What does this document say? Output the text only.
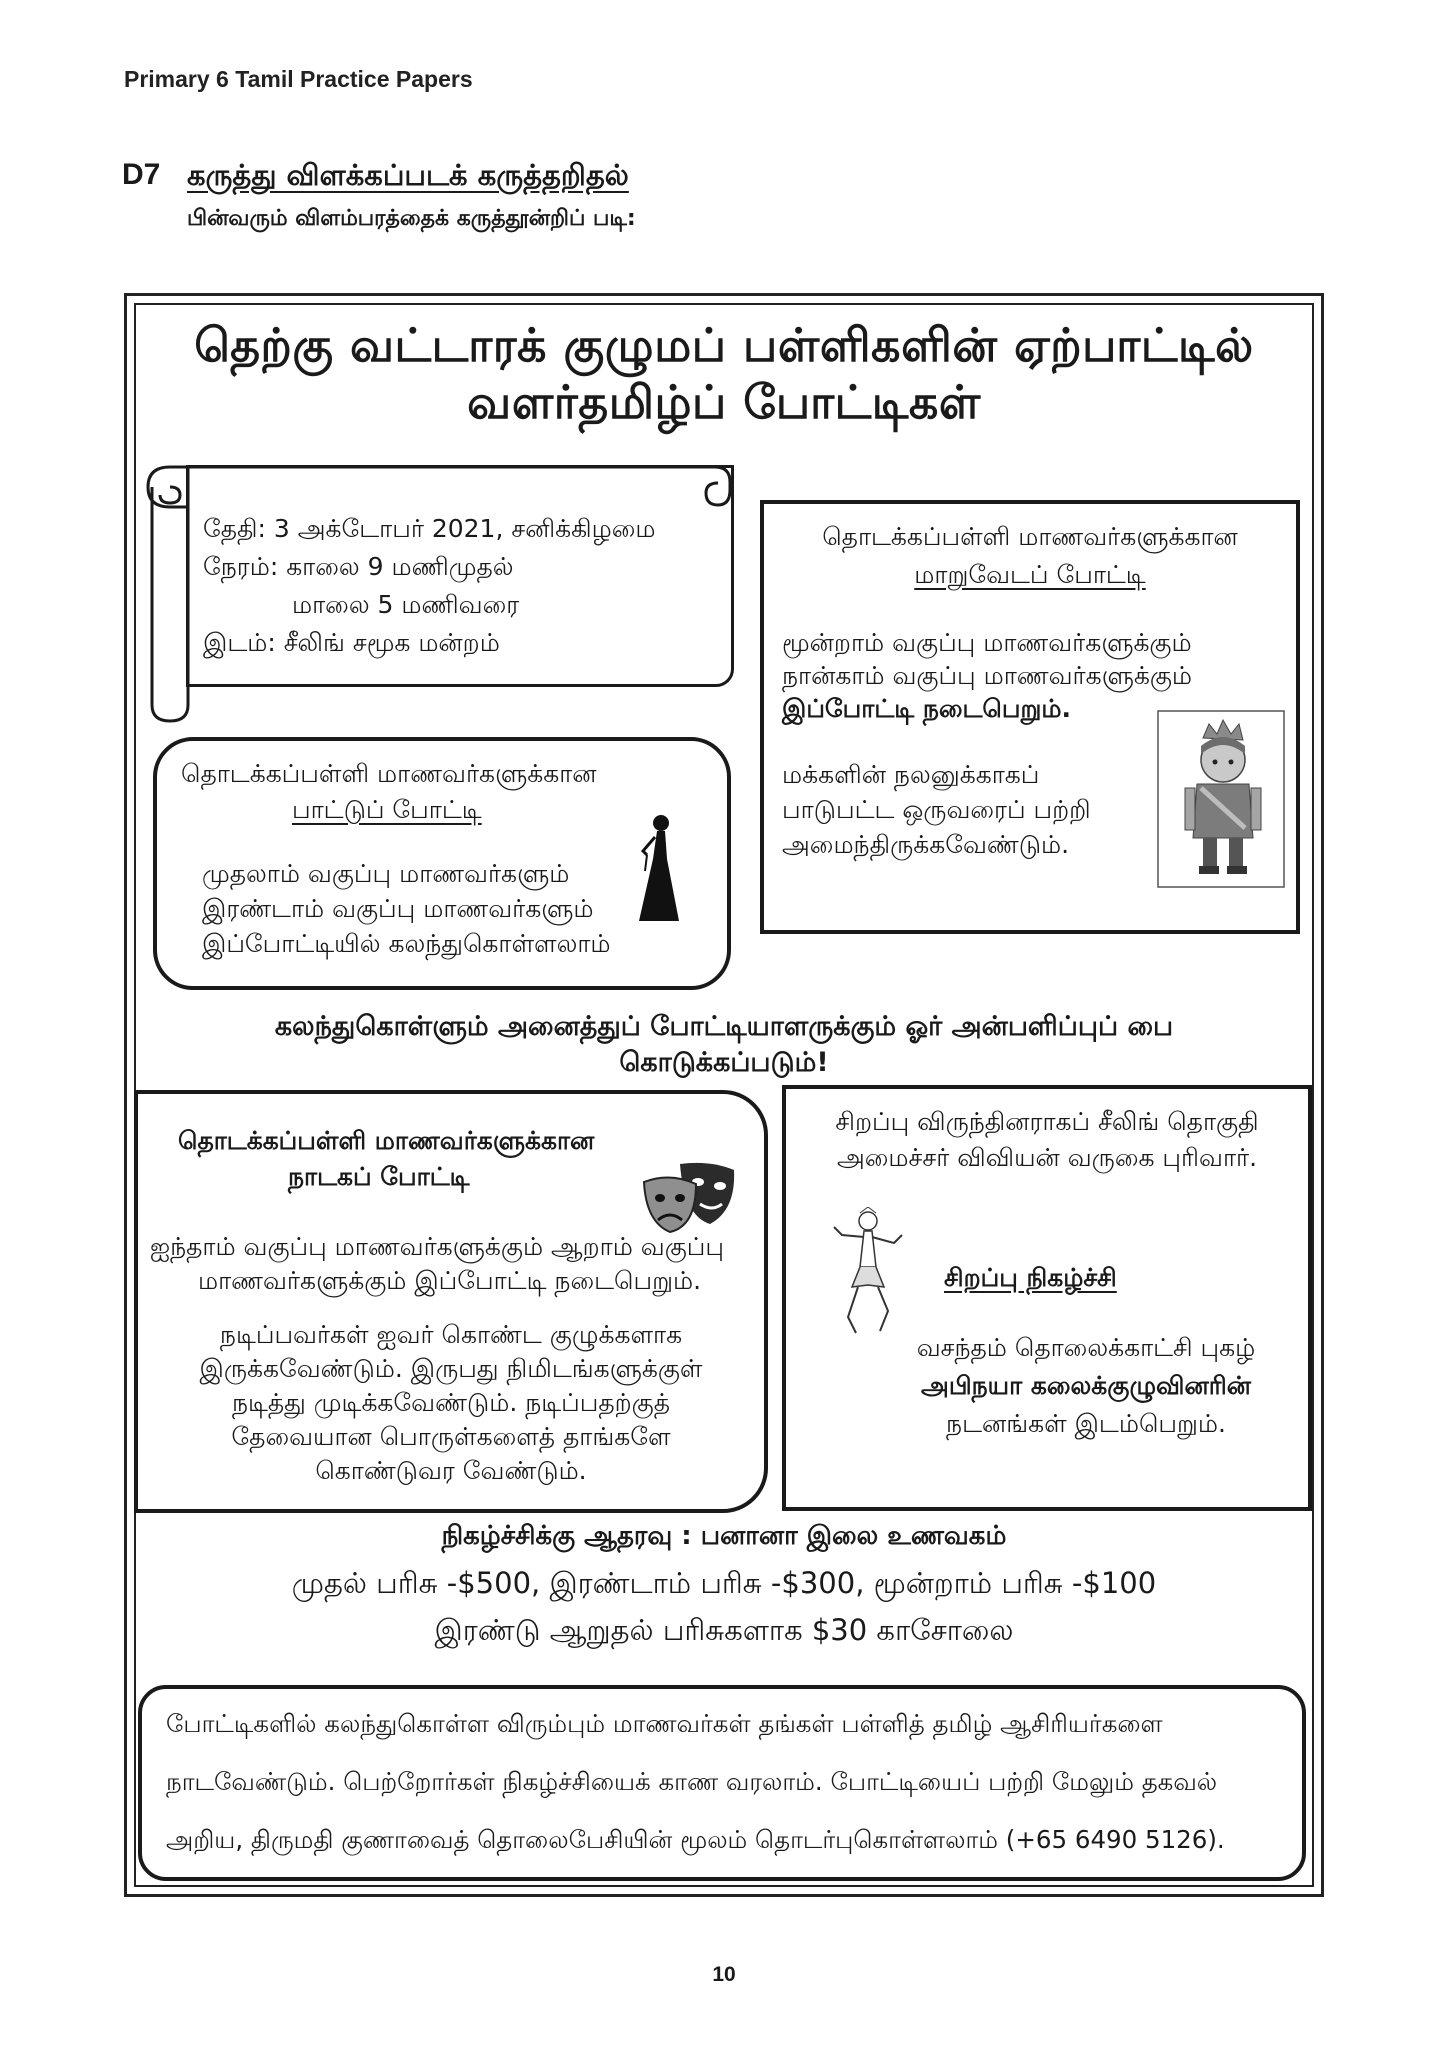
Primary 6 Tamil Practice Papers
D7 கருத்து விளக்கப்படக் கருத்தறிதல்
பின்வரும் விளம்பரத்தைக் கருத்தூன்றிப் படி:
தெற்கு வட்டாரக் குழுமப் பள்ளிகளின் ஏற்பாட்டில்
வளர்தமிழ்ப் போட்டிகள்
தேதி: 3 அக்டோபர் 2021, சனிக்கிழமை
நேரம்: காலை 9 மணிமுதல்
மாலை 5 மணிவரை
இடம்: சீலிங் சமூக மன்றம்
தொடக்கப்பள்ளி மாணவர்களுக்கான
மாறுவேடப் போட்டி
மூன்றாம் வகுப்பு மாணவர்களுக்கும்
நான்காம் வகுப்பு மாணவர்களுக்கும்
இப்போட்டி நடைபெறும்.
மக்களின் நலனுக்காகப்
பாடுபட்ட ஒருவரைப் பற்றி
அமைந்திருக்கவேண்டும்.
தொடக்கப்பள்ளி மாணவர்களுக்கான
பாட்டுப் போட்டி
முதலாம் வகுப்பு மாணவர்களும்
இரண்டாம் வகுப்பு மாணவர்களும்
இப்போட்டியில் கலந்துகொள்ளலாம்
கலந்துகொள்ளும் அனைத்துப் போட்டியாளருக்கும் ஓர் அன்பளிப்புப் பை
கொடுக்கப்படும்!
தொடக்கப்பள்ளி மாணவர்களுக்கான
நாடகப் போட்டி
ஐந்தாம் வகுப்பு மாணவர்களுக்கும் ஆறாம் வகுப்பு
மாணவர்களுக்கும் இப்போட்டி நடைபெறும்.
நடிப்பவர்கள் ஐவர் கொண்ட குழுக்களாக
இருக்கவேண்டும். இருபது நிமிடங்களுக்குள்
நடித்து முடிக்கவேண்டும். நடிப்பதற்குத்
தேவையான பொருள்களைத் தாங்களே
கொண்டுவர வேண்டும்.
சிறப்பு விருந்தினராகப் சீலிங் தொகுதி
அமைச்சர் விவியன் வருகை புரிவார்.
சிறப்பு நிகழ்ச்சி
வசந்தம் தொலைக்காட்சி புகழ்
அபிநயா கலைக்குழுவினரின்
நடனங்கள் இடம்பெறும்.
நிகழ்ச்சிக்கு ஆதரவு : பனானா இலை உணவகம்
முதல் பரிசு -$500, இரண்டாம் பரிசு -$300, மூன்றாம் பரிசு -$100
இரண்டு ஆறுதல் பரிசுகளாக $30 காசோலை
போட்டிகளில் கலந்துகொள்ள விரும்பும் மாணவர்கள் தங்கள் பள்ளித் தமிழ் ஆசிரியர்களை
நாடவேண்டும். பெற்றோர்கள் நிகழ்ச்சியைக் காண வரலாம். போட்டியைப் பற்றி மேலும் தகவல்
அறிய, திருமதி குணாவைத் தொலைபேசியின் மூலம் தொடர்புகொள்ளலாம் (+65 6490 5126).
10
